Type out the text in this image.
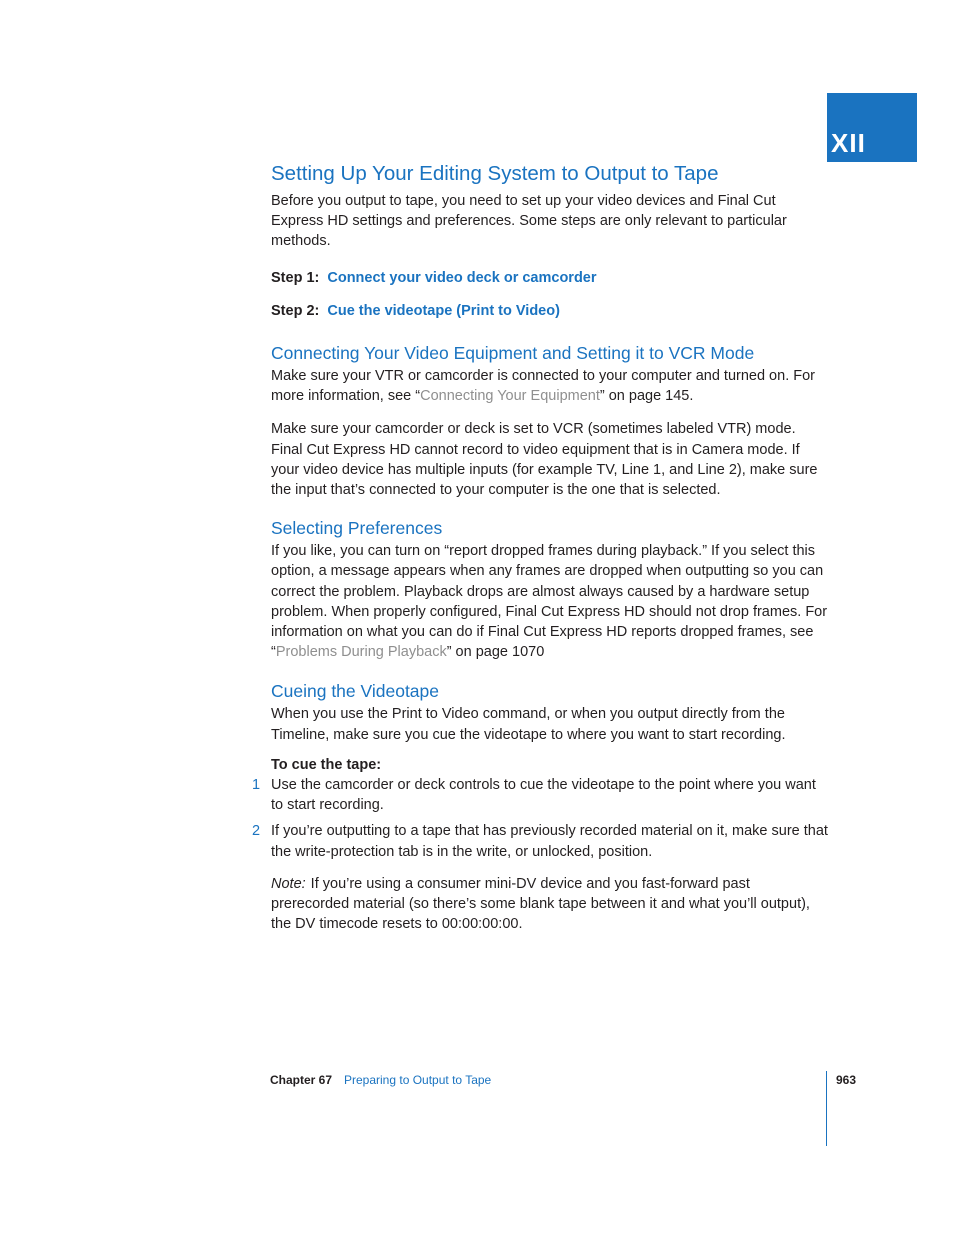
XII
Setting Up Your Editing System to Output to Tape

Before you output to tape, you need to set up your video devices and Final Cut Express HD settings and preferences. Some steps are only relevant to particular methods.

Step 1: Connect your video deck or camcorder

Step 2: Cue the videotape (Print to Video)

Connecting Your Video Equipment and Setting it to VCR Mode

Make sure your VTR or camcorder is connected to your computer and turned on. For more information, see “Connecting Your Equipment” on page 145.

Make sure your camcorder or deck is set to VCR (sometimes labeled VTR) mode. Final Cut Express HD cannot record to video equipment that is in Camera mode. If your video device has multiple inputs (for example TV, Line 1, and Line 2), make sure the input that’s connected to your computer is the one that is selected.

Selecting Preferences

If you like, you can turn on “report dropped frames during playback.” If you select this option, a message appears when any frames are dropped when outputting so you can correct the problem. Playback drops are almost always caused by a hardware setup problem. When properly configured, Final Cut Express HD should not drop frames. For information on what you can do if Final Cut Express HD reports dropped frames, see “Problems During Playback” on page 1070

Cueing the Videotape

When you use the Print to Video command, or when you output directly from the Timeline, make sure you cue the videotape to where you want to start recording.

To cue the tape:

1 Use the camcorder or deck controls to cue the videotape to the point where you want to start recording.
2 If you’re outputting to a tape that has previously recorded material on it, make sure that the write-protection tab is in the write, or unlocked, position.

Note: If you’re using a consumer mini-DV device and you fast-forward past prerecorded material (so there’s some blank tape between it and what you’ll output), the DV timecode resets to 00:00:00:00.

Chapter 67 Preparing to Output to Tape	963
